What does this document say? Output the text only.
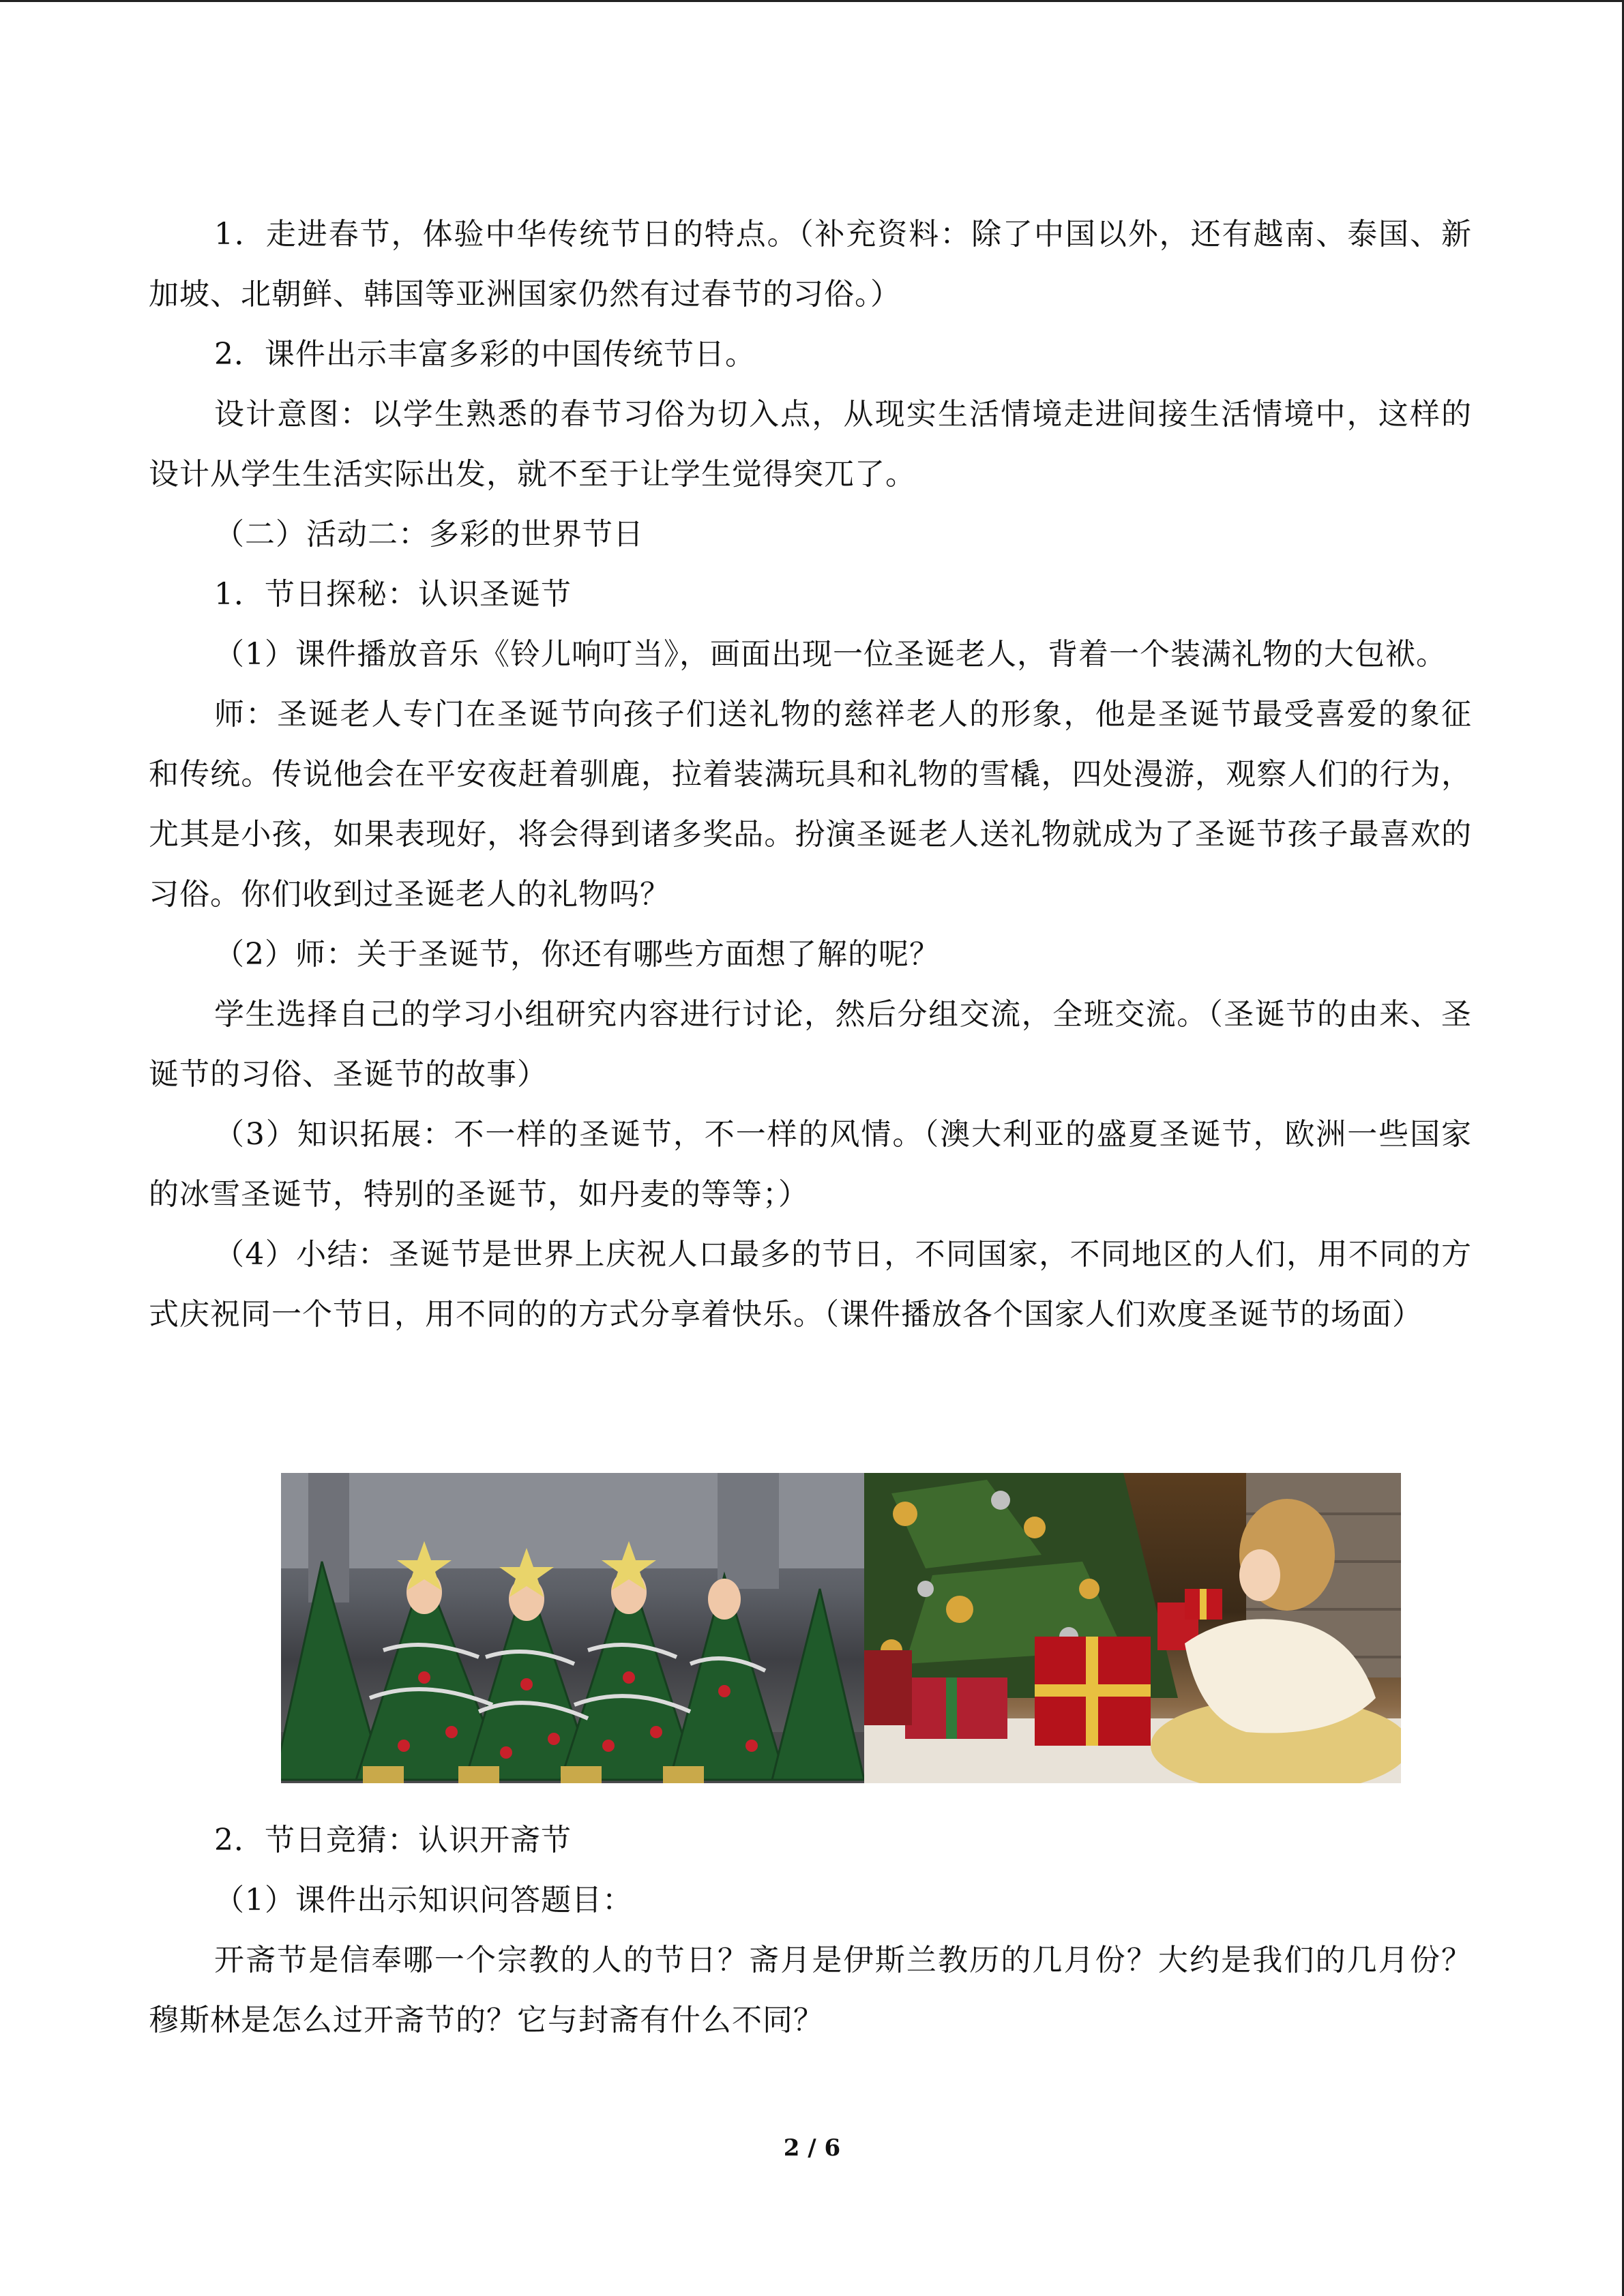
1．走进春节，体验中华传统节日的特点。（补充资料：除了中国以外，还有越南、泰国、新加坡、北朝鲜、韩国等亚洲国家仍然有过春节的习俗。）

2．课件出示丰富多彩的中国传统节日。

设计意图：以学生熟悉的春节习俗为切入点，从现实生活情境走进间接生活情境中，这样的设计从学生生活实际出发，就不至于让学生觉得突兀了。

（二）活动二：多彩的世界节日

1．节日探秘：认识圣诞节

（1）课件播放音乐《铃儿响叮当》，画面出现一位圣诞老人，背着一个装满礼物的大包袱。

师：圣诞老人专门在圣诞节向孩子们送礼物的慈祥老人的形象，他是圣诞节最受喜爱的象征和传统。传说他会在平安夜赶着驯鹿，拉着装满玩具和礼物的雪橇，四处漫游，观察人们的行为，尤其是小孩，如果表现好，将会得到诸多奖品。扮演圣诞老人送礼物就成为了圣诞节孩子最喜欢的习俗。你们收到过圣诞老人的礼物吗？

（2）师：关于圣诞节，你还有哪些方面想了解的呢？

学生选择自己的学习小组研究内容进行讨论，然后分组交流，全班交流。（圣诞节的由来、圣诞节的习俗、圣诞节的故事）

（3）知识拓展：不一样的圣诞节，不一样的风情。（澳大利亚的盛夏圣诞节，欧洲一些国家的冰雪圣诞节，特别的圣诞节，如丹麦的等等；）

（4）小结：圣诞节是世界上庆祝人口最多的节日，不同国家，不同地区的人们，用不同的方式庆祝同一个节日，用不同的的方式分享着快乐。（课件播放各个国家人们欢度圣诞节的场面）

2．节日竞猜：认识开斋节

（1）课件出示知识问答题目：

开斋节是信奉哪一个宗教的人的节日？斋月是伊斯兰教历的几月份？大约是我们的几月份？穆斯林是怎么过开斋节的？它与封斋有什么不同？

2 / 6
